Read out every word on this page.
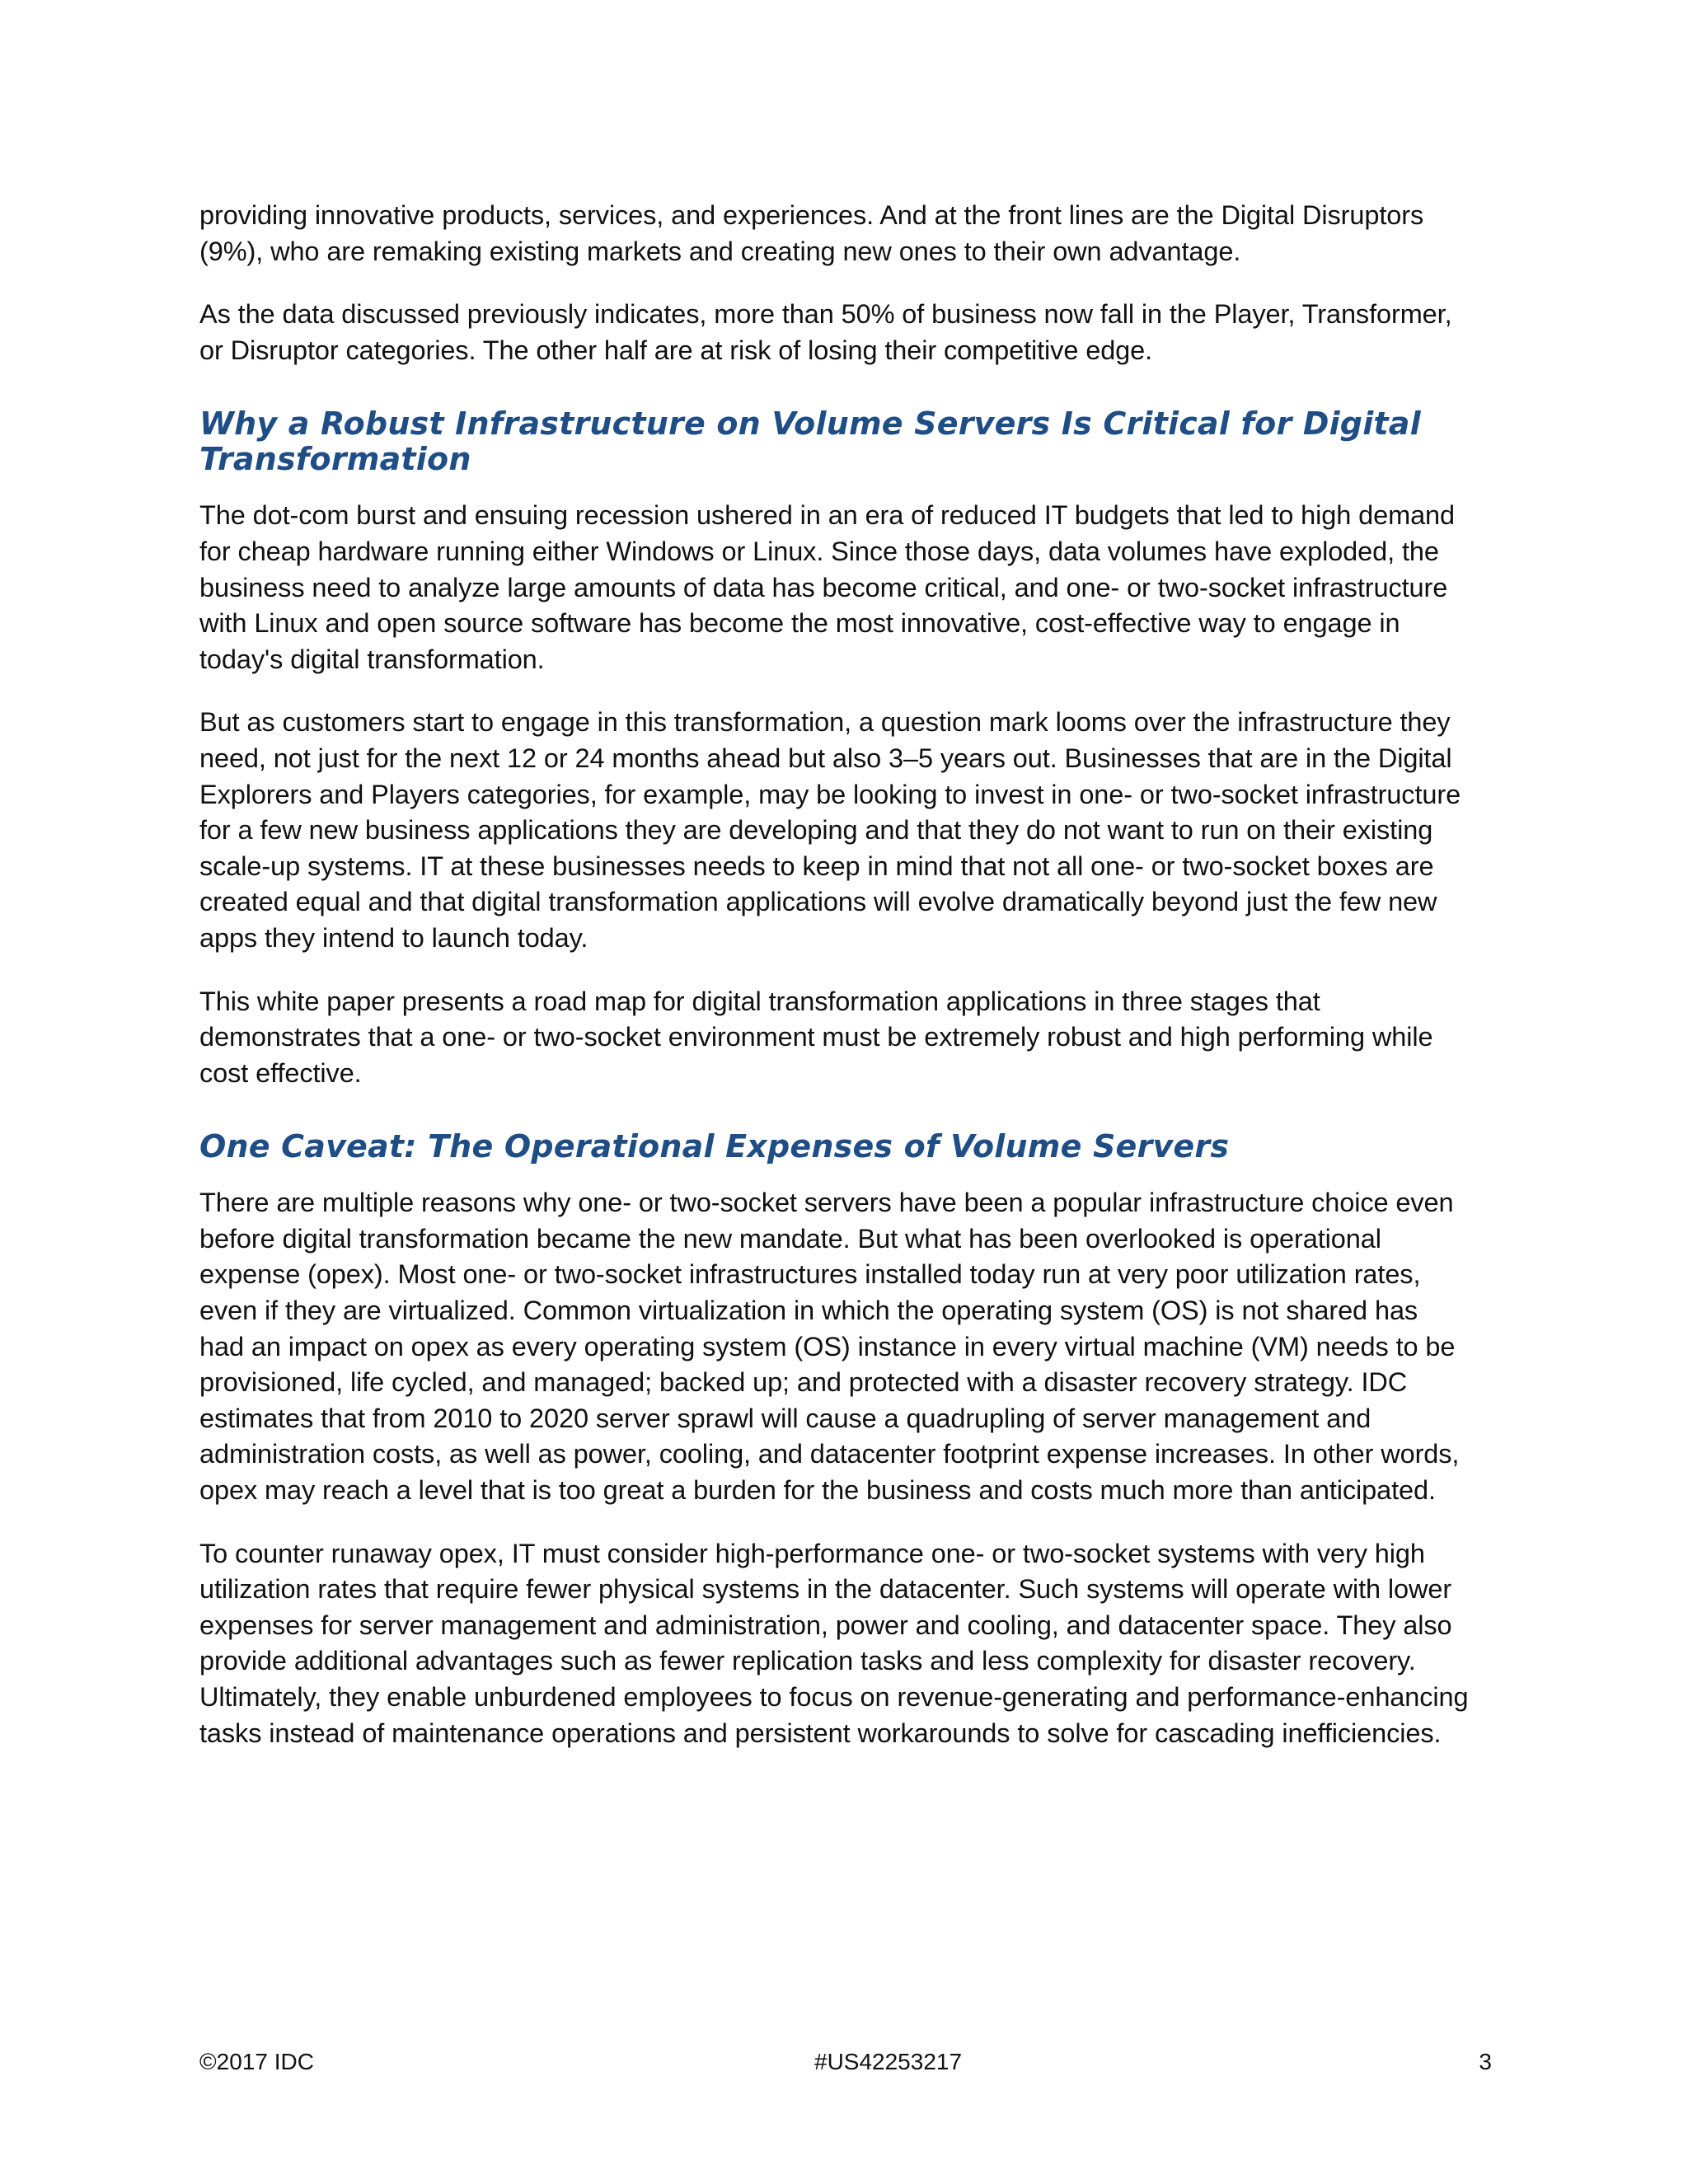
providing innovative products, services, and experiences. And at the front lines are the Digital Disruptors (9%), who are remaking existing markets and creating new ones to their own advantage.

As the data discussed previously indicates, more than 50% of business now fall in the Player, Transformer, or Disruptor categories. The other half are at risk of losing their competitive edge.

Why a Robust Infrastructure on Volume Servers Is Critical for Digital Transformation

The dot-com burst and ensuing recession ushered in an era of reduced IT budgets that led to high demand for cheap hardware running either Windows or Linux. Since those days, data volumes have exploded, the business need to analyze large amounts of data has become critical, and one- or two-socket infrastructure with Linux and open source software has become the most innovative, cost-effective way to engage in today's digital transformation.

But as customers start to engage in this transformation, a question mark looms over the infrastructure they need, not just for the next 12 or 24 months ahead but also 3–5 years out. Businesses that are in the Digital Explorers and Players categories, for example, may be looking to invest in one- or two-socket infrastructure for a few new business applications they are developing and that they do not want to run on their existing scale-up systems. IT at these businesses needs to keep in mind that not all one- or two-socket boxes are created equal and that digital transformation applications will evolve dramatically beyond just the few new apps they intend to launch today.

This white paper presents a road map for digital transformation applications in three stages that demonstrates that a one- or two-socket environment must be extremely robust and high performing while cost effective.

One Caveat: The Operational Expenses of Volume Servers

There are multiple reasons why one- or two-socket servers have been a popular infrastructure choice even before digital transformation became the new mandate. But what has been overlooked is operational expense (opex). Most one- or two-socket infrastructures installed today run at very poor utilization rates, even if they are virtualized. Common virtualization in which the operating system (OS) is not shared has had an impact on opex as every operating system (OS) instance in every virtual machine (VM) needs to be provisioned, life cycled, and managed; backed up; and protected with a disaster recovery strategy. IDC estimates that from 2010 to 2020 server sprawl will cause a quadrupling of server management and administration costs, as well as power, cooling, and datacenter footprint expense increases. In other words, opex may reach a level that is too great a burden for the business and costs much more than anticipated.

To counter runaway opex, IT must consider high-performance one- or two-socket systems with very high utilization rates that require fewer physical systems in the datacenter. Such systems will operate with lower expenses for server management and administration, power and cooling, and datacenter space. They also provide additional advantages such as fewer replication tasks and less complexity for disaster recovery. Ultimately, they enable unburdened employees to focus on revenue-generating and performance-enhancing tasks instead of maintenance operations and persistent workarounds to solve for cascading inefficiencies.

©2017 IDC	#US42253217	3
